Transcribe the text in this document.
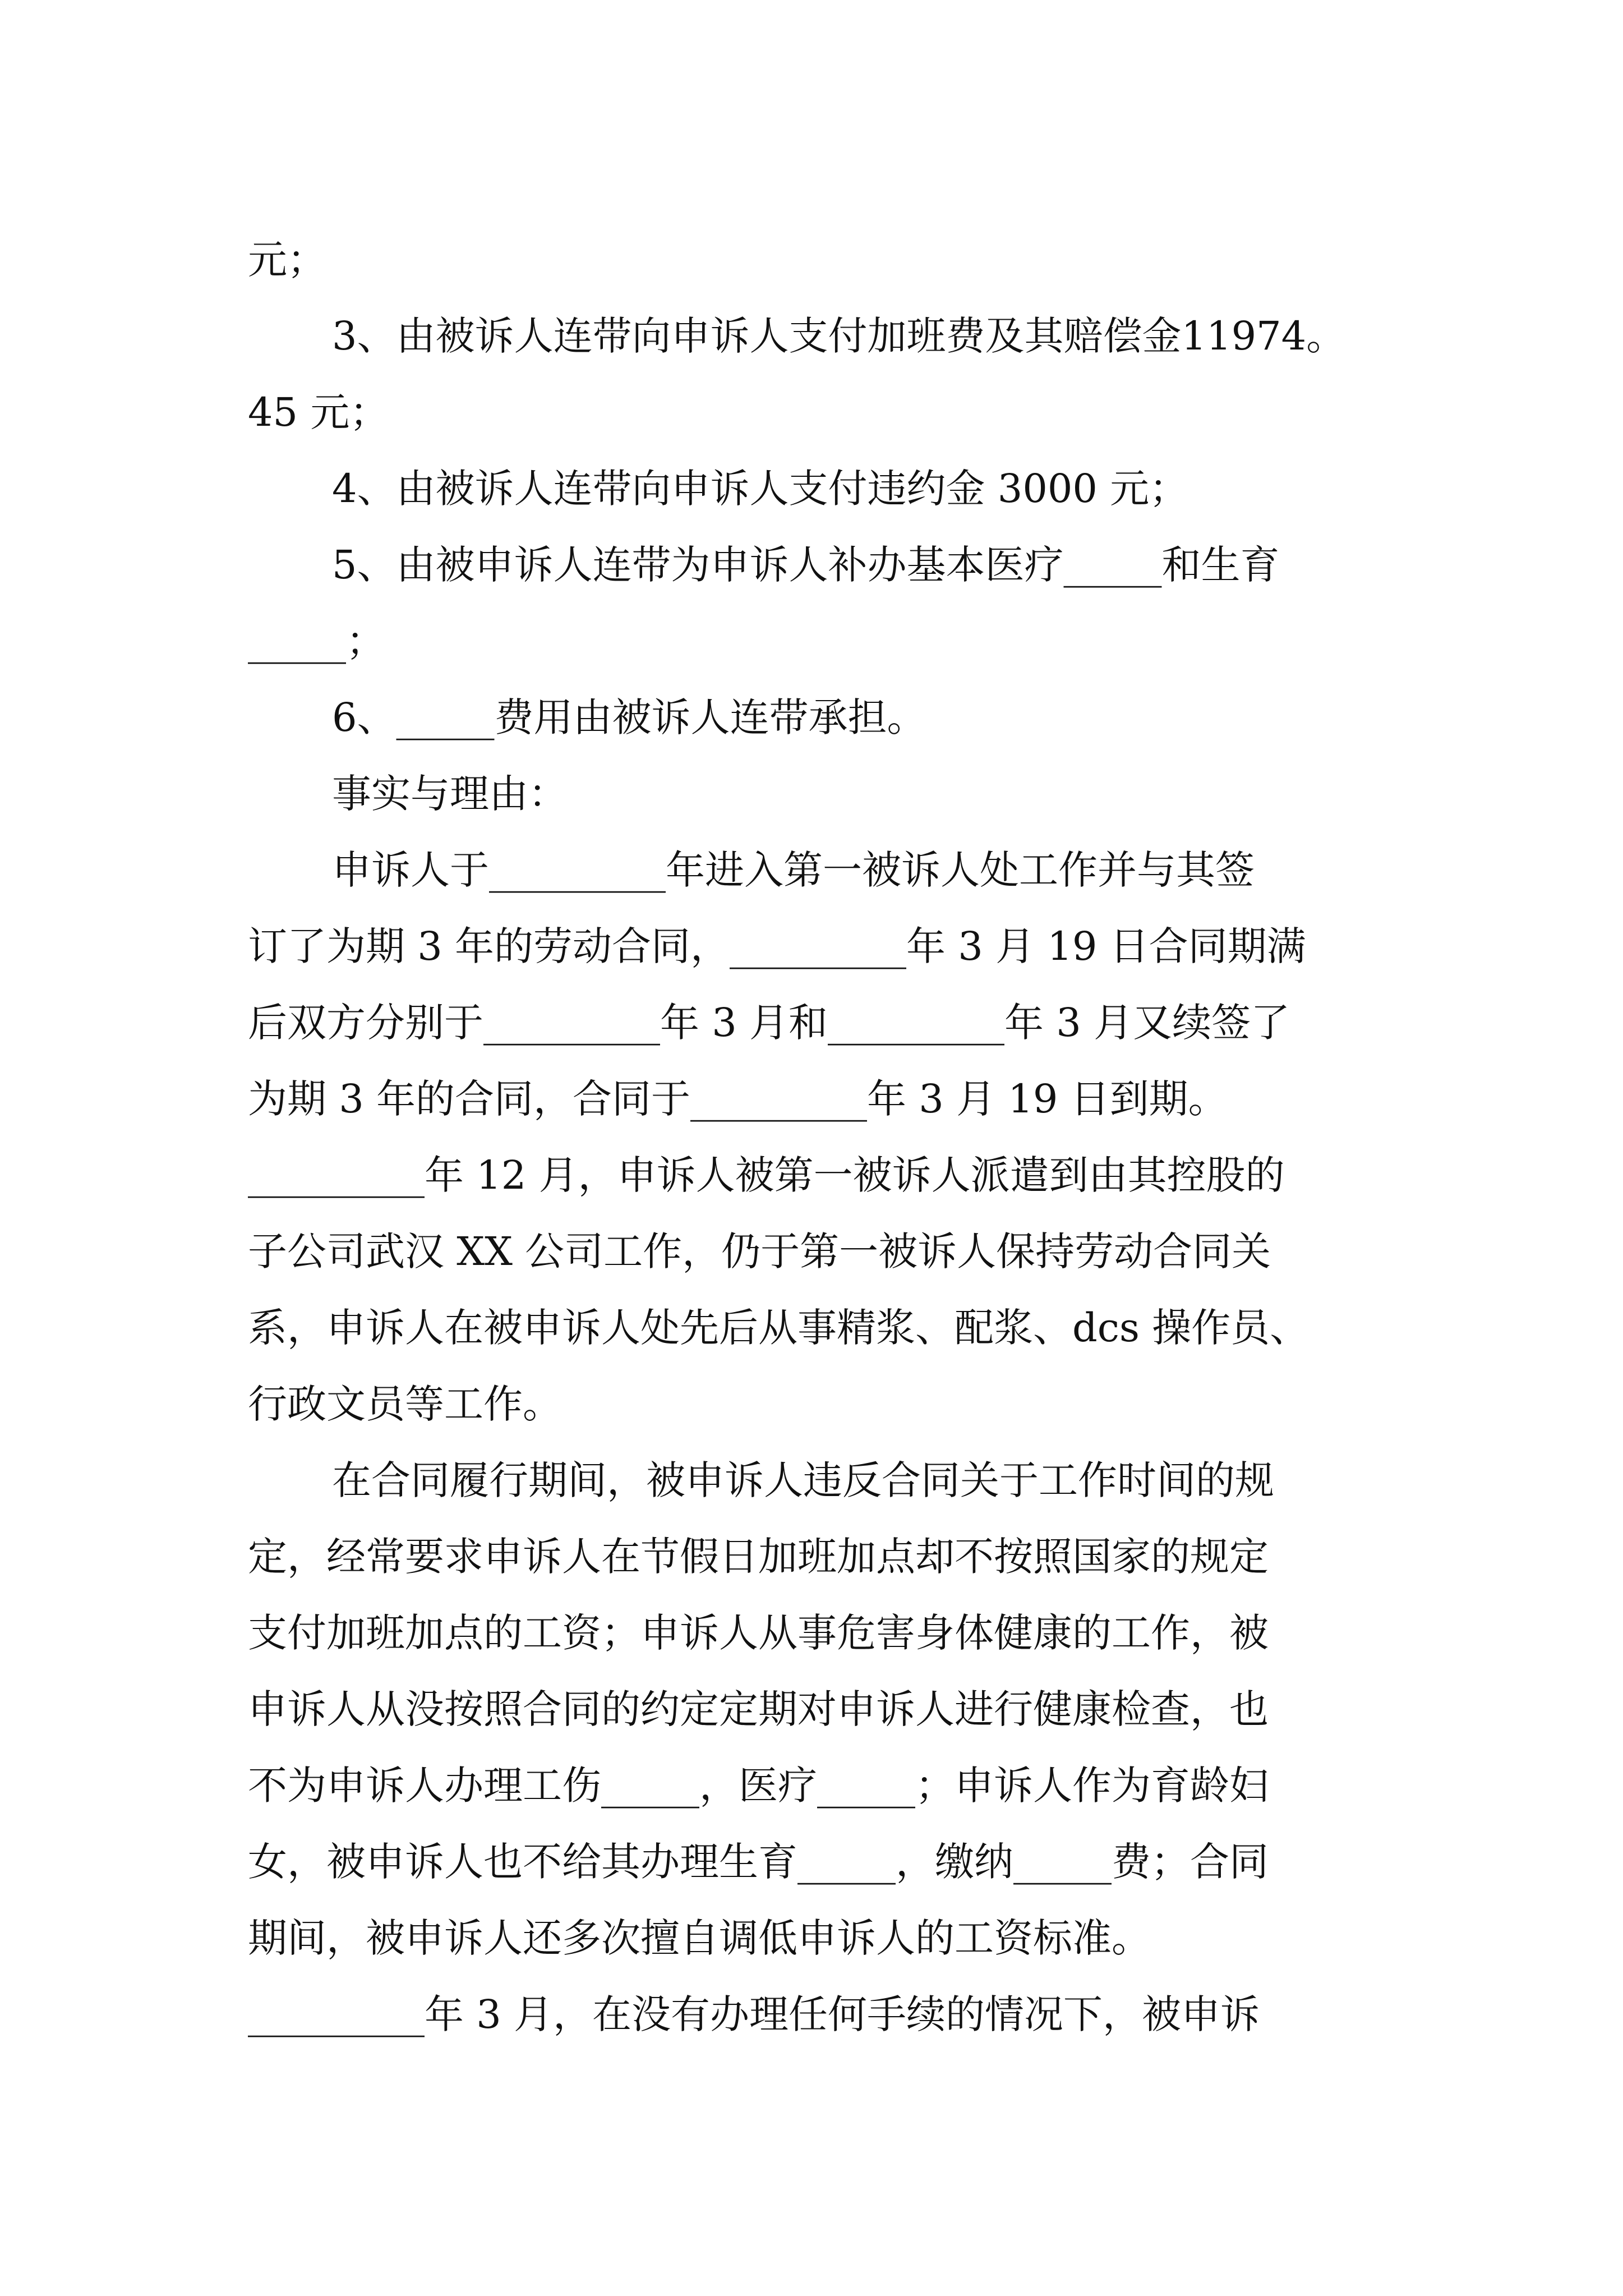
元；
3、由被诉人连带向申诉人支付加班费及其赔偿金11974。
45 元；
4、由被诉人连带向申诉人支付违约金 3000 元；
5、由被申诉人连带为申诉人补办基本医疗_____和生育
_____；
6、_____费用由被诉人连带承担。
事实与理由：
申诉人于_________年进入第一被诉人处工作并与其签
订了为期 3 年的劳动合同，_________年 3 月 19 日合同期满
后双方分别于_________年 3 月和_________年 3 月又续签了
为期 3 年的合同，合同于_________年 3 月 19 日到期。
_________年 12 月，申诉人被第一被诉人派遣到由其控股的
子公司武汉 XX 公司工作，仍于第一被诉人保持劳动合同关
系，申诉人在被申诉人处先后从事精浆、配浆、dcs 操作员、
行政文员等工作。
在合同履行期间，被申诉人违反合同关于工作时间的规
定，经常要求申诉人在节假日加班加点却不按照国家的规定
支付加班加点的工资；申诉人从事危害身体健康的工作，被
申诉人从没按照合同的约定定期对申诉人进行健康检查，也
不为申诉人办理工伤_____，医疗_____；申诉人作为育龄妇
女，被申诉人也不给其办理生育_____，缴纳_____费；合同
期间，被申诉人还多次擅自调低申诉人的工资标准。
_________年 3 月，在没有办理任何手续的情况下，被申诉
